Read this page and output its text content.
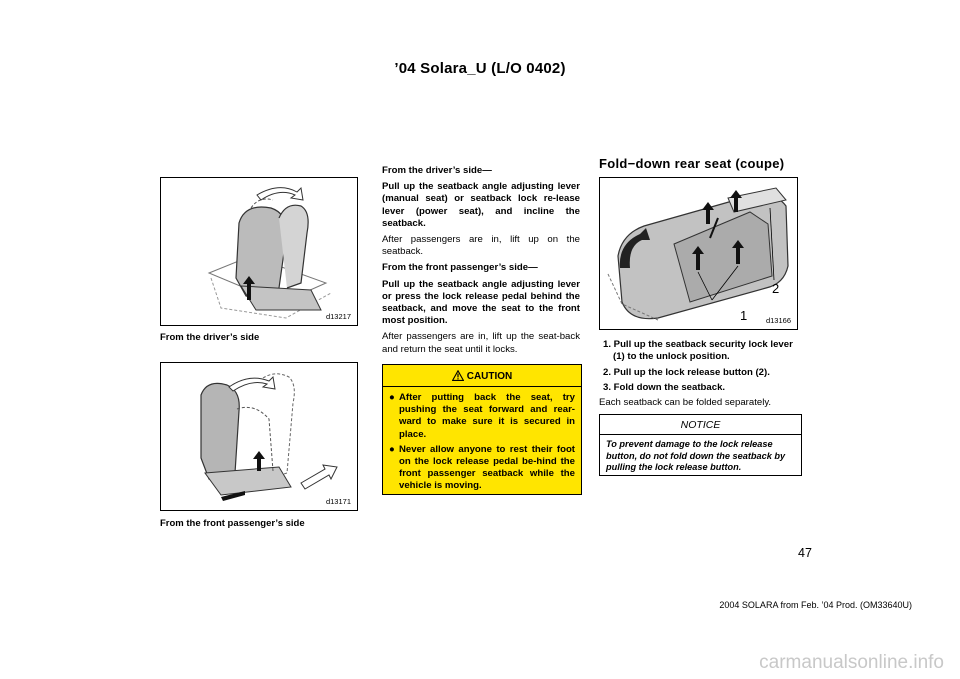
’04 Solara_U (L/O 0402)
d13217
From the driver’s side
d13171
From the front passenger’s side

From the driver’s side—

Pull up the seatback angle adjusting lever (manual seat) or seatback lock re-lease lever (power seat), and incline the seatback.

After passengers are in, lift up on the seatback.

From the front passenger’s side—

Pull up the seatback angle adjusting lever or press the lock release pedal behind the seatback, and move the seat to the front most position.

After passengers are in, lift up the seat-back and return the seat until it locks.

CAUTION
● After putting back the seat, try pushing the seat forward and rear-ward to make sure it is secured in place.
● Never allow anyone to rest their foot on the lock release pedal be-hind the front passenger seatback while the vehicle is moving.
Fold−down rear seat (coupe)
1
2
d13166
1. Pull up the seatback security lock lever (1) to the unlock position.
2. Pull up the lock release button (2).
3. Fold down the seatback.
Each seatback can be folded separately.
NOTICE
To prevent damage to the lock release button, do not fold down the seatback by pulling the lock release button.
47
2004 SOLARA from Feb. ’04 Prod. (OM33640U)
carmanualsonline.info
